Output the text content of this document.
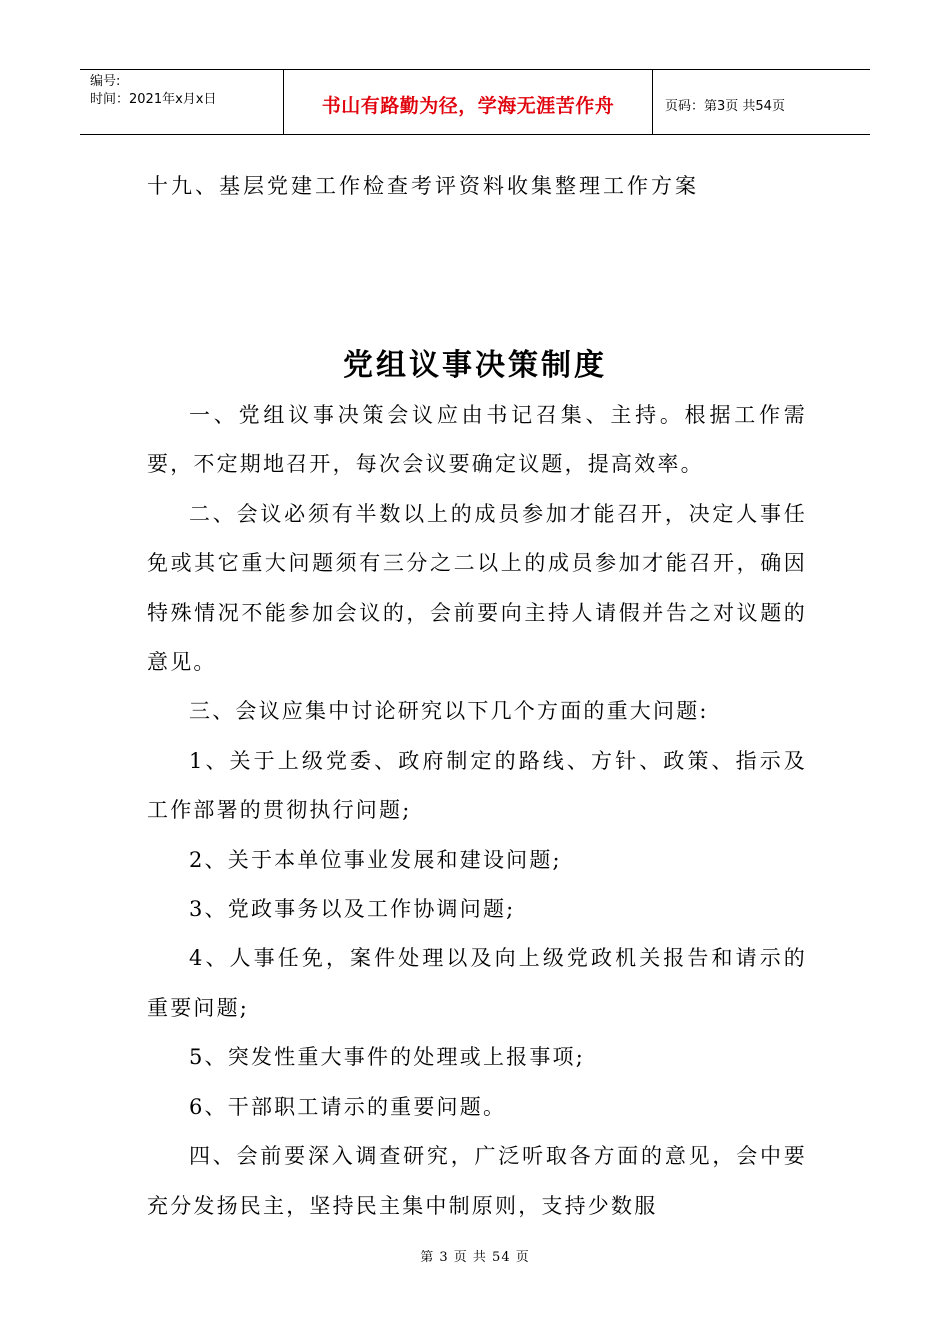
编号:
时间：2021年x月x日	书山有路勤为径，学海无涯苦作舟	页码：第3页 共54页
十九、基层党建工作检查考评资料收集整理工作方案
党组议事决策制度

一、党组议事决策会议应由书记召集、主持。根据工作需要，不定期地召开，每次会议要确定议题，提高效率。

二、会议必须有半数以上的成员参加才能召开，决定人事任免或其它重大问题须有三分之二以上的成员参加才能召开，确因特殊情况不能参加会议的，会前要向主持人请假并告之对议题的意见。

三、会议应集中讨论研究以下几个方面的重大问题:

1、关于上级党委、政府制定的路线、方针、政策、指示及工作部署的贯彻执行问题;

2、关于本单位事业发展和建设问题;

3、党政事务以及工作协调问题;

4、人事任免，案件处理以及向上级党政机关报告和请示的重要问题;

5、突发性重大事件的处理或上报事项;

6、干部职工请示的重要问题。

四、会前要深入调查研究，广泛听取各方面的意见，会中要充分发扬民主，坚持民主集中制原则，支持少数服

第 3 页 共 54 页
